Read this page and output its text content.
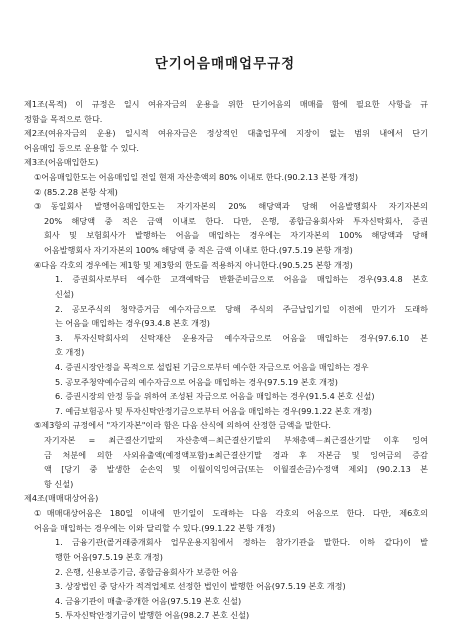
단기어음매매업무규정
제1조(목적) 이 규정은 일시 여유자금의 운용을 위한 단기어음의 매매를 함에 필요한 사항을 규
정함을 목적으로 한다.
제2조(여유자금의 운용) 일시적 여유자금은 정상적인 대출업무에 지장이 없는 범위 내에서 단기
어음매입 등으로 운용할 수 있다.
제3조(어음매입한도)
①어음매입한도는 어음매입일 전일 현재 자산총액의 80% 이내로 한다.(90.2.13 본항 개정)
② (85.2.28 본항 삭제)
③동일회사 발행어음매입한도는 자기자본의 20% 해당액과 당해 어음발행회사 자기자본의
20% 해당액 중 적은 금액 이내로 한다. 다만, 은행, 종합금융회사와 투자신탁회사, 증권
회사 및 보험회사가 발행하는 어음을 매입하는 경우에는 자기자본의 100% 해당액과 당해
어음발행회사 자기자본의 100% 해당액 중 적은 금액 이내로 한다.(97.5.19 본항 개정)
④다음 각호의 경우에는 제1항 및 제3항의 한도를 적용하지 아니한다.(90.5.25 본항 개정)
1. 증권회사로부터 예수한 고객예탁금 반환준비금으로 어음을 매입하는 경우(93.4.8 본호
신설)
2. 공모주식의 청약증거금 예수자금으로 당해 주식의 주금납입기일 이전에 만기가 도래하
는 어음을 매입하는 경우(93.4.8 본호 개정)
3. 투자신탁회사의 신탁재산 운용자금 예수자금으로 어음을 매입하는 경우(97.6.10 본
호 개정)
4. 증권시장안정을 목적으로 설립된 기금으로부터 예수한 자금으로 어음을 매입하는 경우
5. 공모주청약예수금의 예수자금으로 어음을 매입하는 경우(97.5.19 본호 개정)
6. 증권시장의 안정 등을 위하여 조성된 자금으로 어음을 매입하는 경우(91.5.4 본호 신설)
7. 예금보험공사 및 투자신탁안정기금으로부터 어음을 매입하는 경우(99.1.22 본호 개정)
⑤제3항의 규정에서 "자기자본"이라 함은 다음 산식에 의하여 산정한 금액을 말한다.
자기자본 = 최근결산기말의 자산총액－최근결산기말의 부채총액－최근결산기말 이후 잉여
금 처분에 의한 사외유출액(예정액포함)±최근결산기말 경과 후 자본금 및 잉여금의 증감
액 [당기 중 발생한 순손익 및 이월이익잉여금(또는 이월결손금)수정액 제외] (90.2.13 본
항 신설)
제4조(매매대상어음)
①매매대상어음은 180일 이내에 만기일이 도래하는 다음 각호의 어음으로 한다. 다만, 제6호의
어음을 매입하는 경우에는 이와 달리할 수 있다.(99.1.22 본항 개정)
1. 금융기관(콜거래중개회사 업무운용지침에서 정하는 참가기관을 말한다. 이하 같다)이 발
행한 어음(97.5.19 본호 개정)
2. 은행, 신용보증기금, 종합금융회사가 보증한 어음
3. 상장법인 중 당사가 적격업체로 선정한 법인이 발행한 어음(97.5.19 본호 개정)
4. 금융기관이 매출·중개한 어음(97.5.19 본호 신설)
5. 투자신탁안정기금이 발행한 어음(98.2.7 본호 신설)
